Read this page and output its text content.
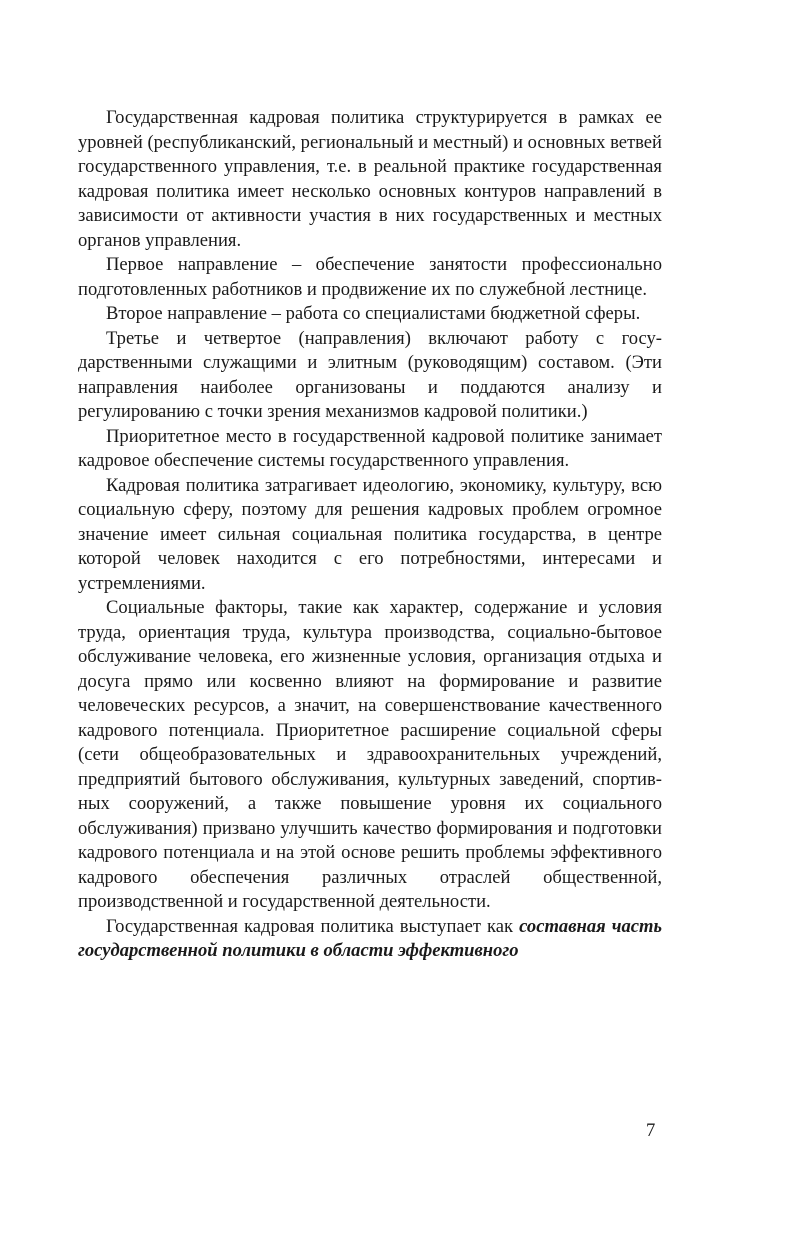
Государственная кадровая политика структурируется в рамках ее уровней (республиканский, региональный и местный) и основных ветвей государственного управления, т.е. в реальной практике государственная кадровая политика имеет несколько основных контуров направлений в зависимости от активности участия в них государственных и местных органов управления.

Первое направление – обеспечение занятости профессионально подготовленных работников и продвижение их по служебной лестнице.

Второе направление – работа со специалистами бюджетной сферы.

Третье и четвертое (направления) включают работу с государственными служащими и элитным (руководящим) составом. (Эти направления наиболее организованы и поддаются анализу и регулированию с точки зрения механизмов кадровой политики.)

Приоритетное место в государственной кадровой политике занимает кадровое обеспечение системы государственного управления.

Кадровая политика затрагивает идеологию, экономику, культуру, всю социальную сферу, поэтому для решения кадровых проблем огромное значение имеет сильная социальная политика государства, в центре которой человек находится с его потребностями, интересами и устремлениями.

Социальные факторы, такие как характер, содержание и условия труда, ориентация труда, культура производства, социально-бытовое обслуживание человека, его жизненные условия, организация отдыха и досуга прямо или косвенно влияют на формирование и развитие человеческих ресурсов, а значит, на совершенствование качественного кадрового потенциала. Приоритетное расширение социальной сферы (сети общеобразовательных и здравоохранительных учреждений, предприятий бытового обслуживания, культурных заведений, спортивных сооружений, а также повышение уровня их социального обслуживания) призвано улучшить качество формирования и подготовки кадрового потенциала и на этой основе решить проблемы эффективного кадрового обеспечения различных отраслей общественной, производственной и государственной деятельности.

Государственная кадровая политика выступает как составная часть государственной политики в области эффективного

7
